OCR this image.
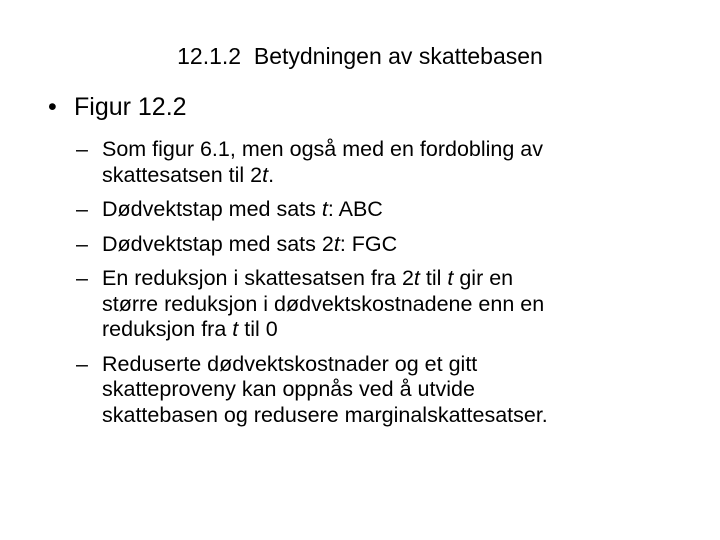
12.1.2  Betydningen av skattebasen
• Figur 12.2
– Som figur 6.1, men også med en fordobling av
skattesatsen til 2t.
– Dødvektstap med sats t: ABC
– Dødvektstap med sats 2t: FGC
– En reduksjon i skattesatsen fra 2t til t gir en
større reduksjon i dødvektskostnadene enn en
reduksjon fra t til 0
– Reduserte dødvektskostnader og et gitt
skatteproveny kan oppnås ved å utvide
skattebasen og redusere marginalskattesatser.
